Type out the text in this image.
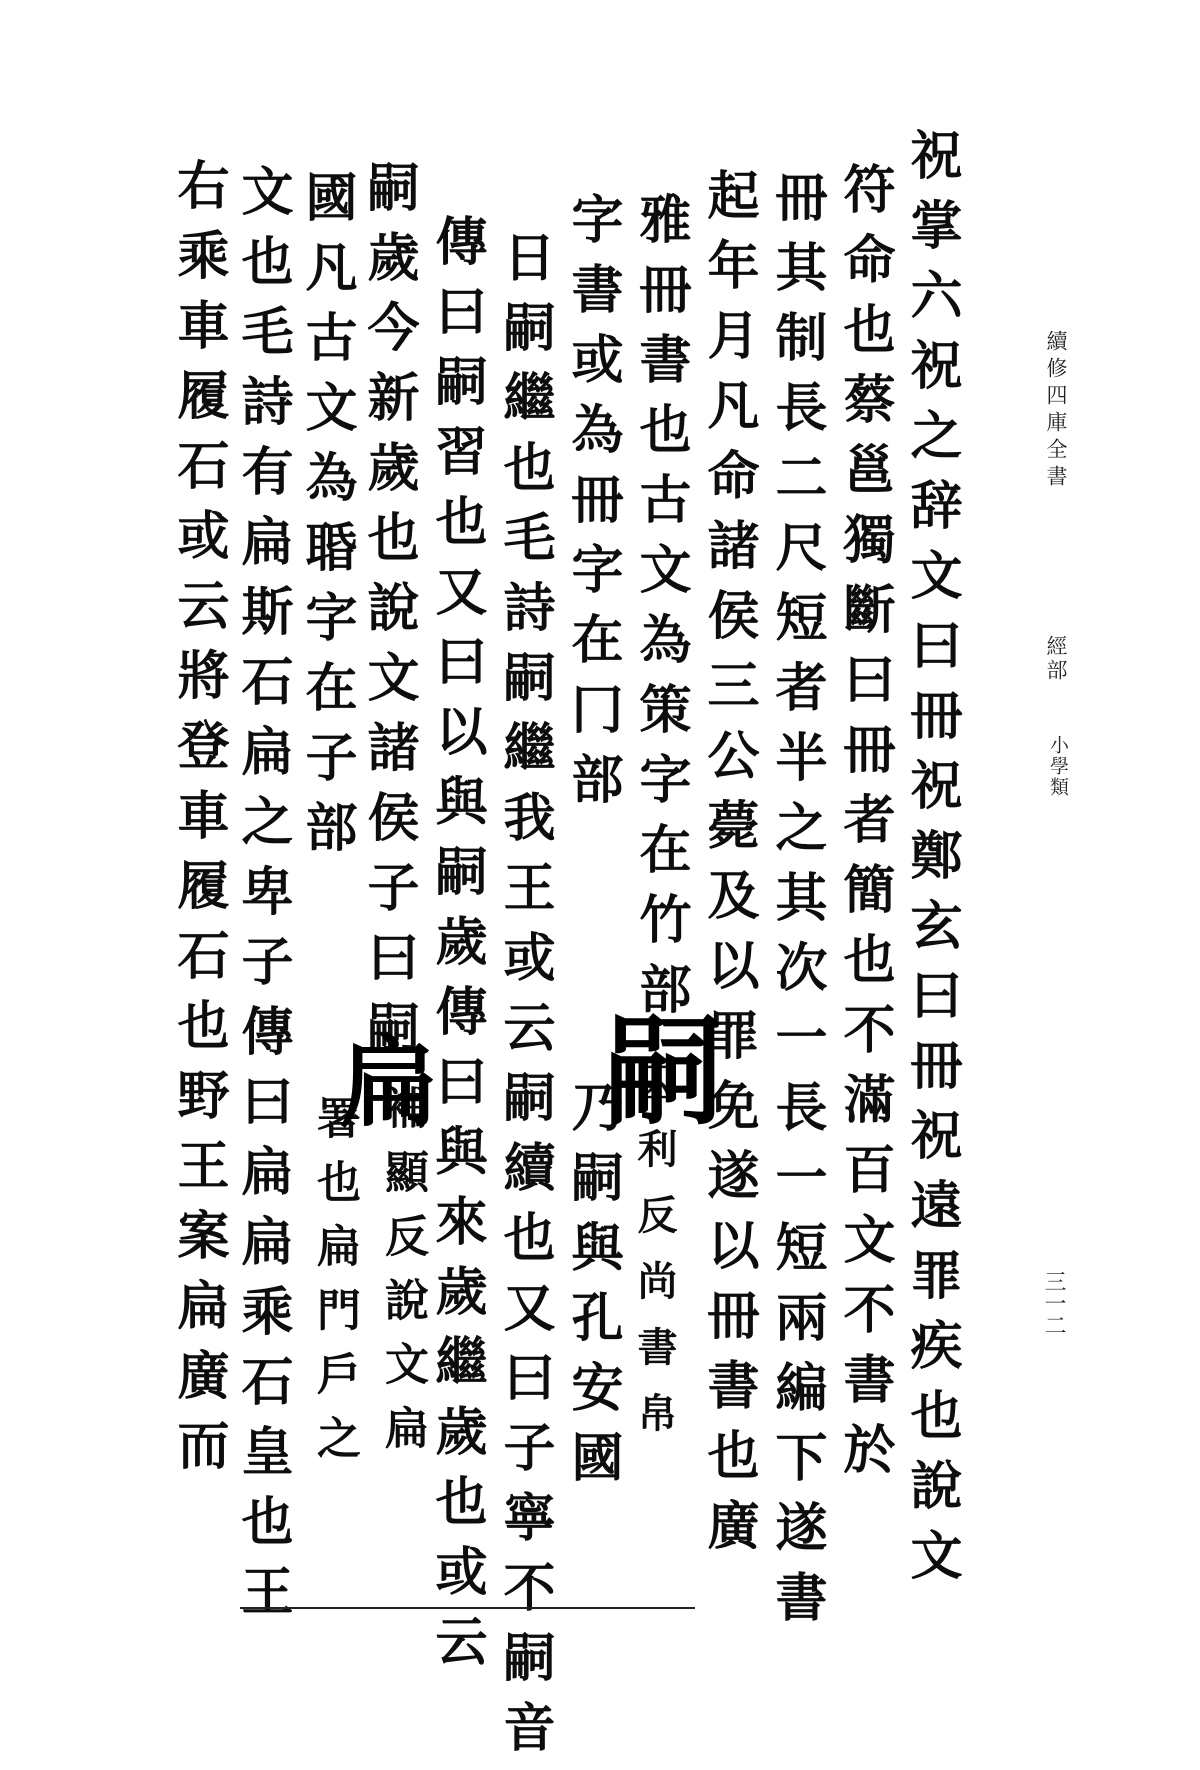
續修四庫全書
經部
小學類
三一二
祝掌六祝之辞文曰冊祝鄭玄曰冊祝遠罪疾也說文
符命也蔡邕獨斷曰冊者簡也不滿百文不書於
冊其制長二尺短者半之其次一長一短兩編下遂書
起年月凡命諸侯三公薨及以罪免遂以冊書也廣
雅冊書也古文為策字在竹部
字書或為冊字在冂部
乃嗣與孔安國 囚利反尚書帛
日嗣繼也毛詩嗣繼我王或云嗣續也又曰子寧不嗣音
傳曰嗣習也又曰以與嗣歲傳曰與來歲繼歲也或云
嗣歲今新歲也說文諸侯子曰嗣
補顯反說文扁
署也扁門戶之
國凡古文為䎽字在子部
文也毛詩有扁斯石扁之卑子傳曰扁扁乘石皇也王
右乘車履石或云將登車履石也野王案扁廣而	嗣
扁
